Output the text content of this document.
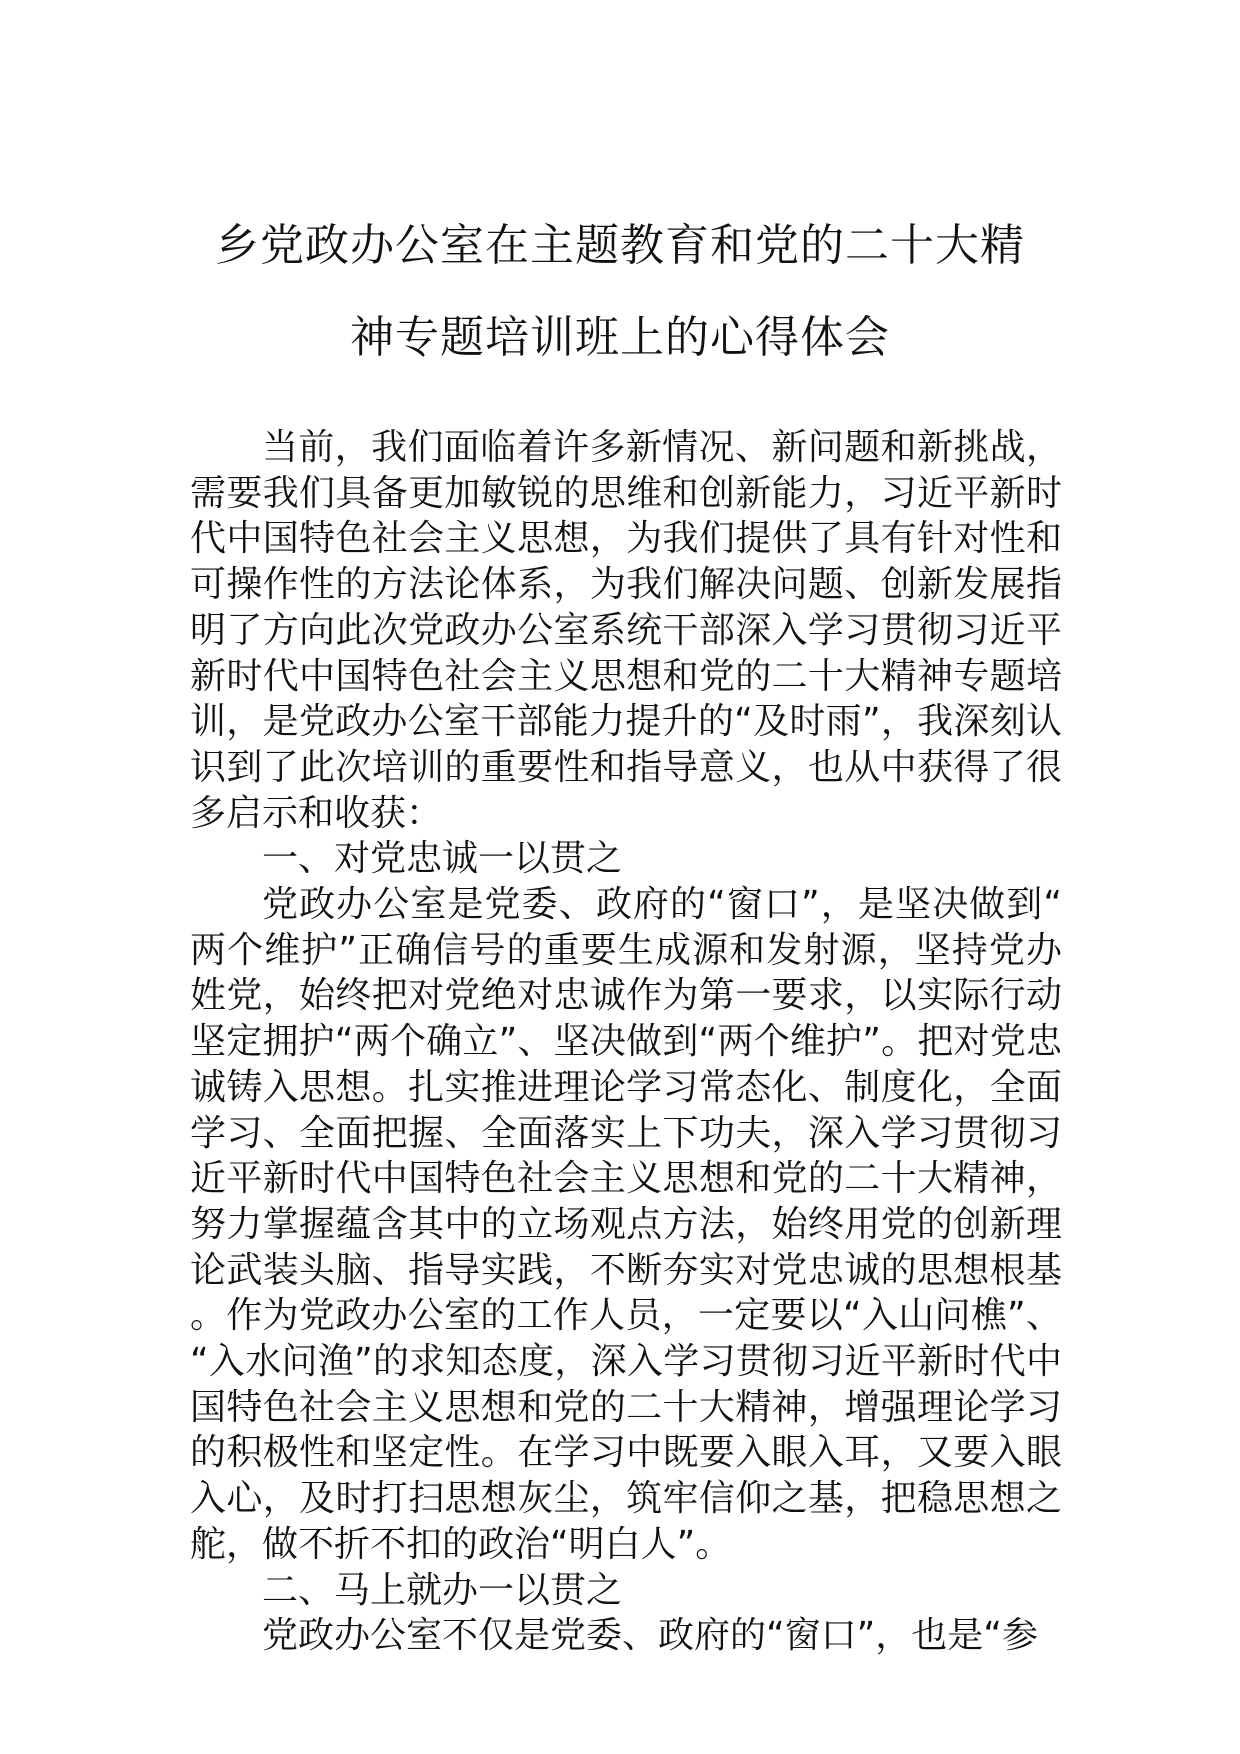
乡党政办公室在主题教育和党的二十大精
神专题培训班上的心得体会

当前，我们面临着许多新情况、新问题和新挑战，需要我们具备更加敏锐的思维和创新能力，习近平新时代中国特色社会主义思想，为我们提供了具有针对性和可操作性的方法论体系，为我们解决问题、创新发展指明了方向此次党政办公室系统干部深入学习贯彻习近平新时代中国特色社会主义思想和党的二十大精神专题培训，是党政办公室干部能力提升的“及时雨”，我深刻认识到了此次培训的重要性和指导意义，也从中获得了很多启示和收获：

一、对党忠诚一以贯之

党政办公室是党委、政府的“窗口”，是坚决做到“两个维护”正确信号的重要生成源和发射源，坚持党办姓党，始终把对党绝对忠诚作为第一要求，以实际行动坚定拥护“两个确立”、坚决做到“两个维护”。把对党忠诚铸入思想。扎实推进理论学习常态化、制度化，全面学习、全面把握、全面落实上下功夫，深入学习贯彻习近平新时代中国特色社会主义思想和党的二十大精神，努力掌握蕴含其中的立场观点方法，始终用党的创新理论武装头脑、指导实践，不断夯实对党忠诚的思想根基。作为党政办公室的工作人员，一定要以“入山问樵”、“入水问渔”的求知态度，深入学习贯彻习近平新时代中国特色社会主义思想和党的二十大精神，增强理论学习的积极性和坚定性。在学习中既要入眼入耳，又要入眼入心，及时打扫思想灰尘，筑牢信仰之基，把稳思想之舵，做不折不扣的政治“明白人”。

二、马上就办一以贯之

党政办公室不仅是党委、政府的“窗口”，也是“参
